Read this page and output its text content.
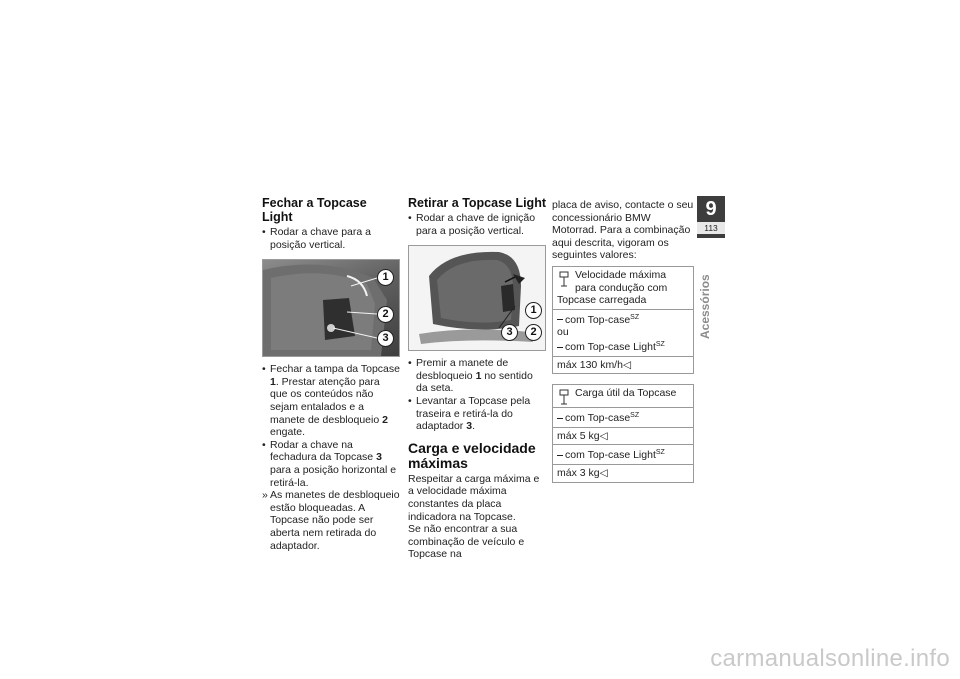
Fechar a Topcase Light
• Rodar a chave para a posição vertical.
1
2
3
• Fechar a tampa da Topcase 1. Prestar atenção para que os conteúdos não sejam entalados e a manete de desbloqueio 2 engate.
• Rodar a chave na fechadura da Topcase 3 para a posição horizontal e retirá-la.
» As manetes de desbloqueio estão bloqueadas. A Topcase não pode ser aberta nem retirada do adaptador.
Retirar a Topcase Light
• Rodar a chave de ignição para a posição vertical.
1
3	2
• Premir a manete de desbloqueio 1 no sentido da seta.
• Levantar a Topcase pela traseira e retirá-la do adaptador 3.
Carga e velocidade máximas

Respeitar a carga máxima e a velocidade máxima constantes da placa indicadora na Topcase.

Se não encontrar a sua combinação de veículo e Topcase na

placa de aviso, contacte o seu concessionário BMW Motorrad. Para a combinação aqui descrita, vigoram os seguintes valores:

Velocidade máxima para condução com Topcase carregada
com Top-case$^{SZ}$
ou
com Top-case Light$^{SZ}$
máx 130 km/h◁
Carga útil da Topcase
com Top-case$^{SZ}$
máx 5 kg◁
com Top-case Light$^{SZ}$
máx 3 kg◁
9
113
Acessórios
carmanualsonline.info
